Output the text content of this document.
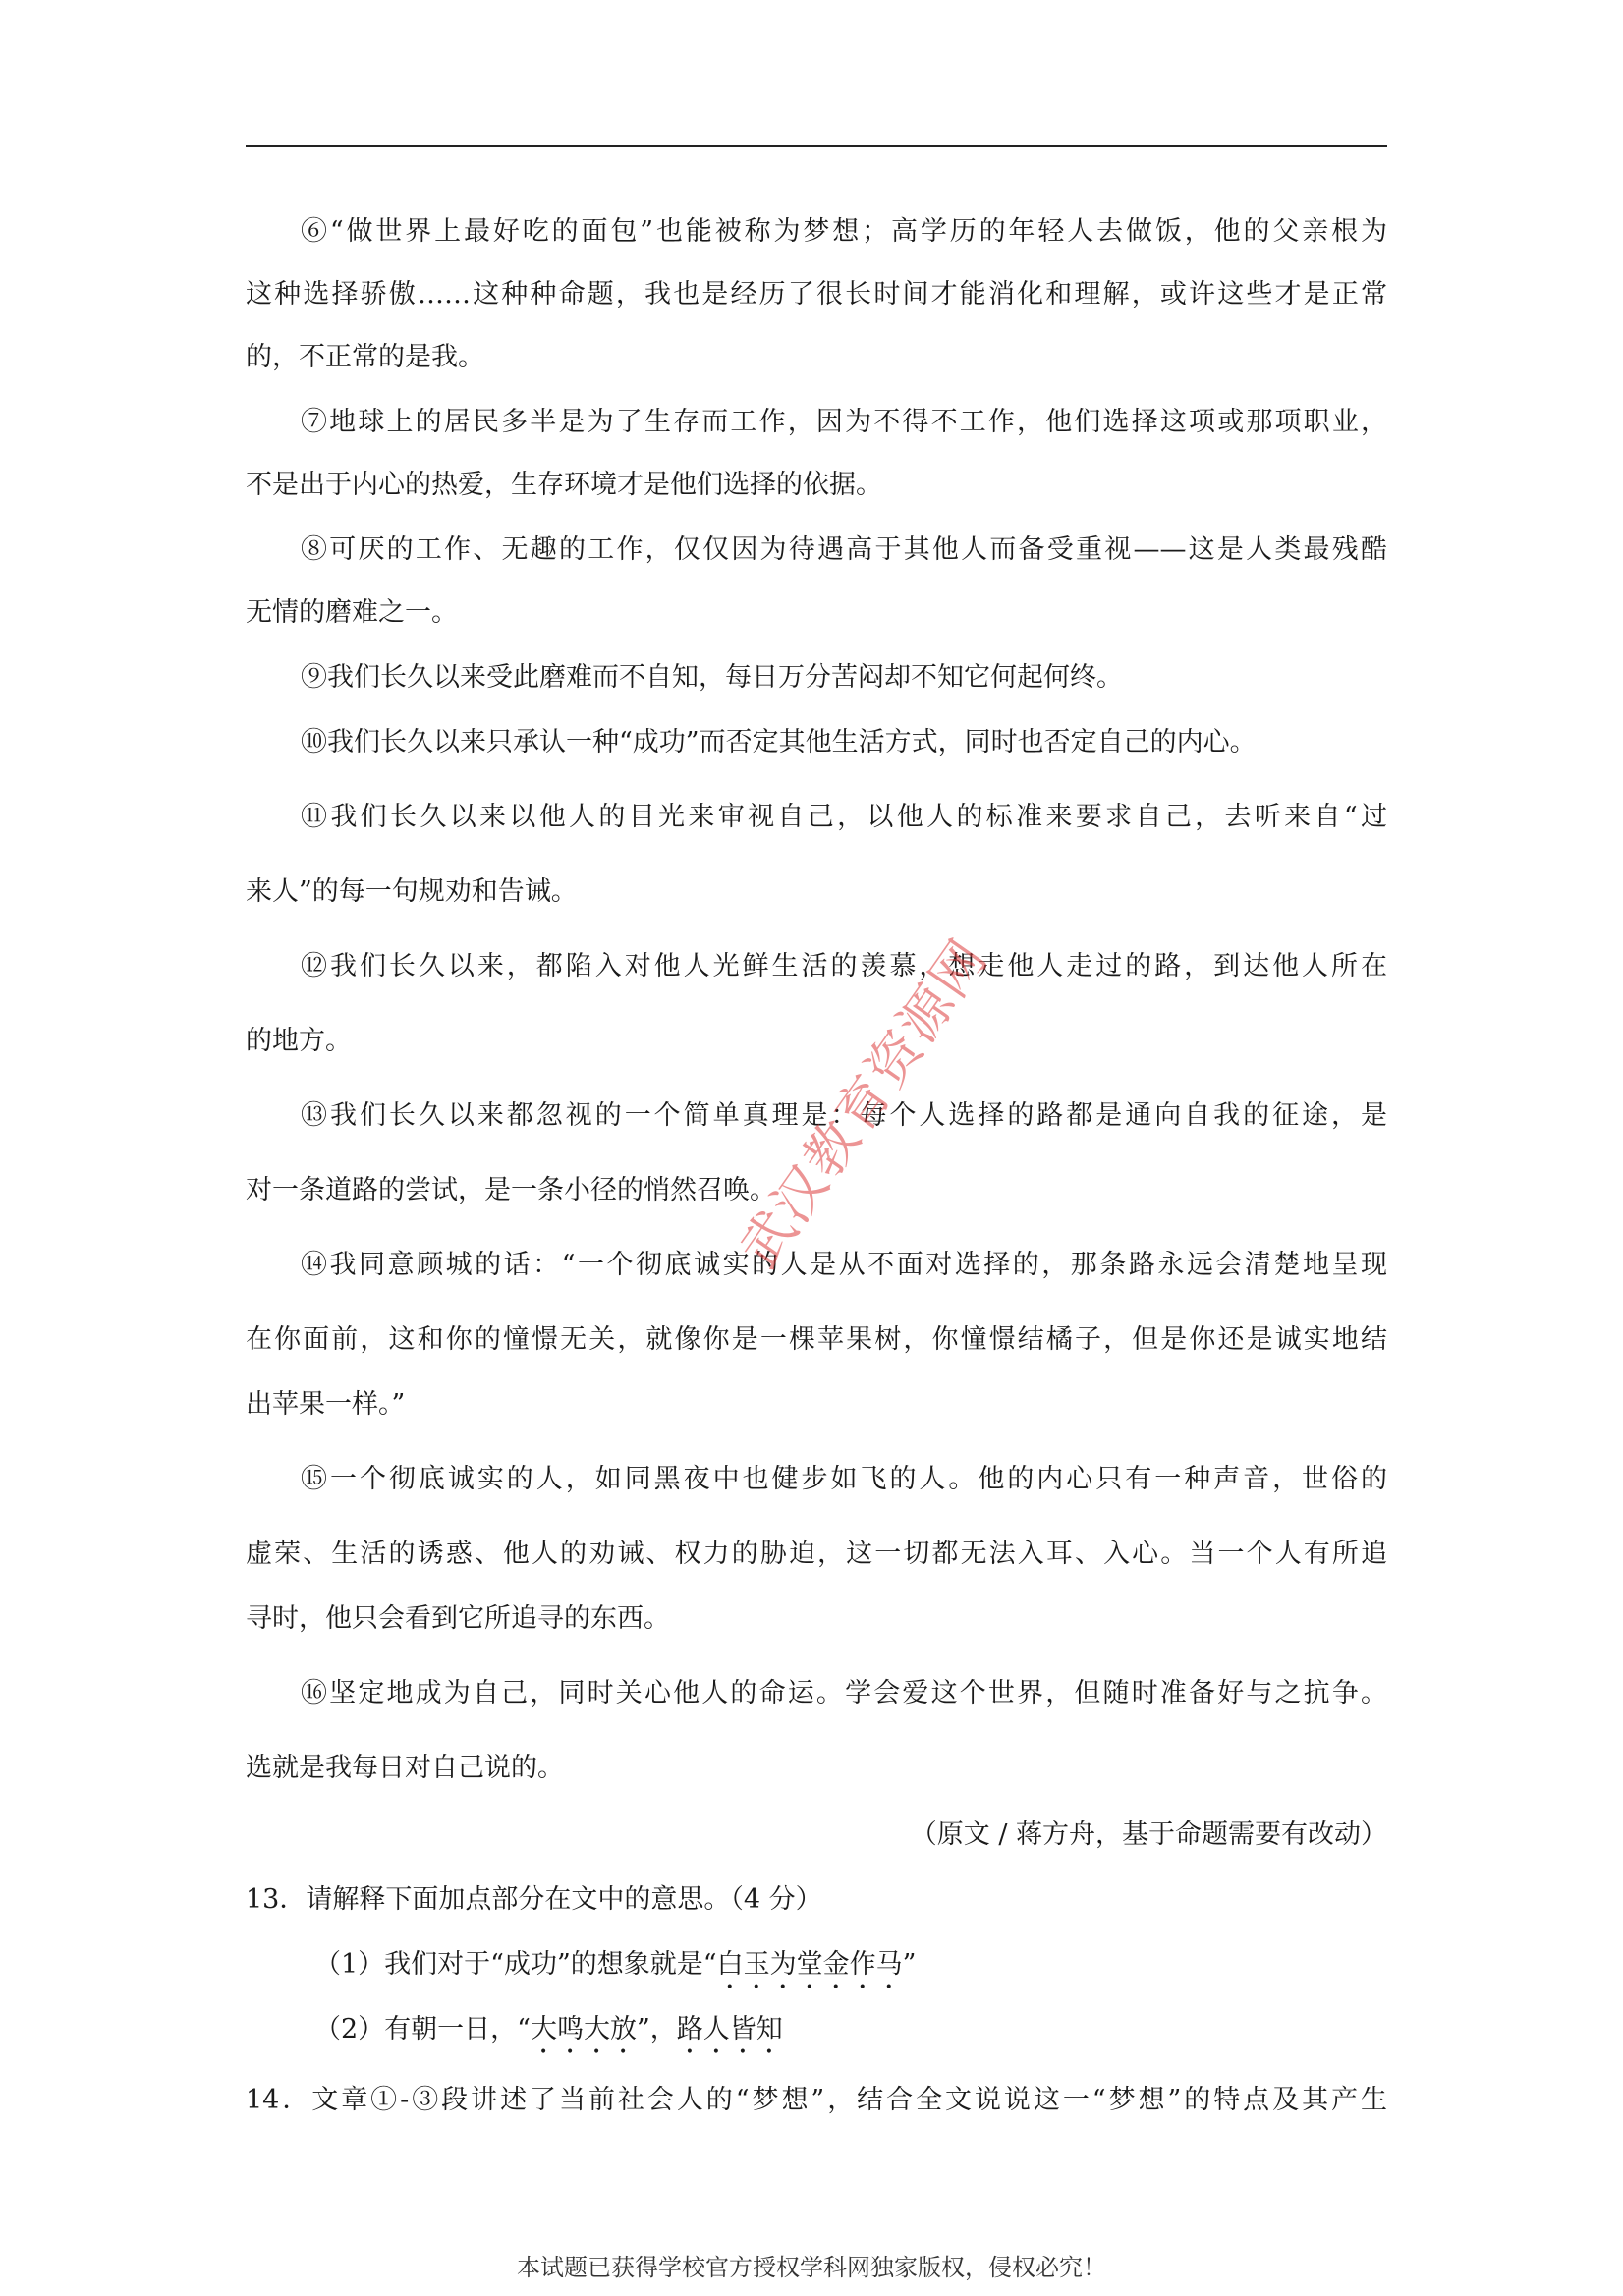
⑥“做世界上最好吃的面包”也能被称为梦想；高学历的年轻人去做饭，他的父亲根为
这种选择骄傲……这种种命题，我也是经历了很长时间才能消化和理解，或许这些才是正常
的，不正常的是我。
⑦地球上的居民多半是为了生存而工作，因为不得不工作，他们选择这项或那项职业，
不是出于内心的热爱，生存环境才是他们选择的依据。
⑧可厌的工作、无趣的工作，仅仅因为待遇高于其他人而备受重视——这是人类最残酷
无情的磨难之一。
⑨我们长久以来受此磨难而不自知，每日万分苦闷却不知它何起何终。
⑩我们长久以来只承认一种“成功”而否定其他生活方式，同时也否定自己的内心。
⑪我们长久以来以他人的目光来审视自己，以他人的标准来要求自己，去听来自“过
来人”的每一句规劝和告诫。
⑫我们长久以来，都陷入对他人光鲜生活的羡慕，想走他人走过的路，到达他人所在
的地方。
⑬我们长久以来都忽视的一个简单真理是：每个人选择的路都是通向自我的征途，是
对一条道路的尝试，是一条小径的悄然召唤。
⑭我同意顾城的话：“一个彻底诚实的人是从不面对选择的，那条路永远会清楚地呈现
在你面前，这和你的憧憬无关，就像你是一棵苹果树，你憧憬结橘子，但是你还是诚实地结
出苹果一样。”
⑮一个彻底诚实的人，如同黑夜中也健步如飞的人。他的内心只有一种声音，世俗的
虚荣、生活的诱惑、他人的劝诫、权力的胁迫，这一切都无法入耳、入心。当一个人有所追
寻时，他只会看到它所追寻的东西。
⑯坚定地成为自己，同时关心他人的命运。学会爱这个世界，但随时准备好与之抗争。
选就是我每日对自己说的。
（原文 / 蒋方舟，基于命题需要有改动）
13．请解释下面加点部分在文中的意思。（4 分）
（1）我们对于“成功”的想象就是“白玉为堂金作马”
（2）有朝一日，“大鸣大放”，路人皆知
14．文章①-③段讲述了当前社会人的“梦想”，结合全文说说这一“梦想”的特点及其产生
武汉教育资源网
本试题已获得学校官方授权学科网独家版权，侵权必究！
